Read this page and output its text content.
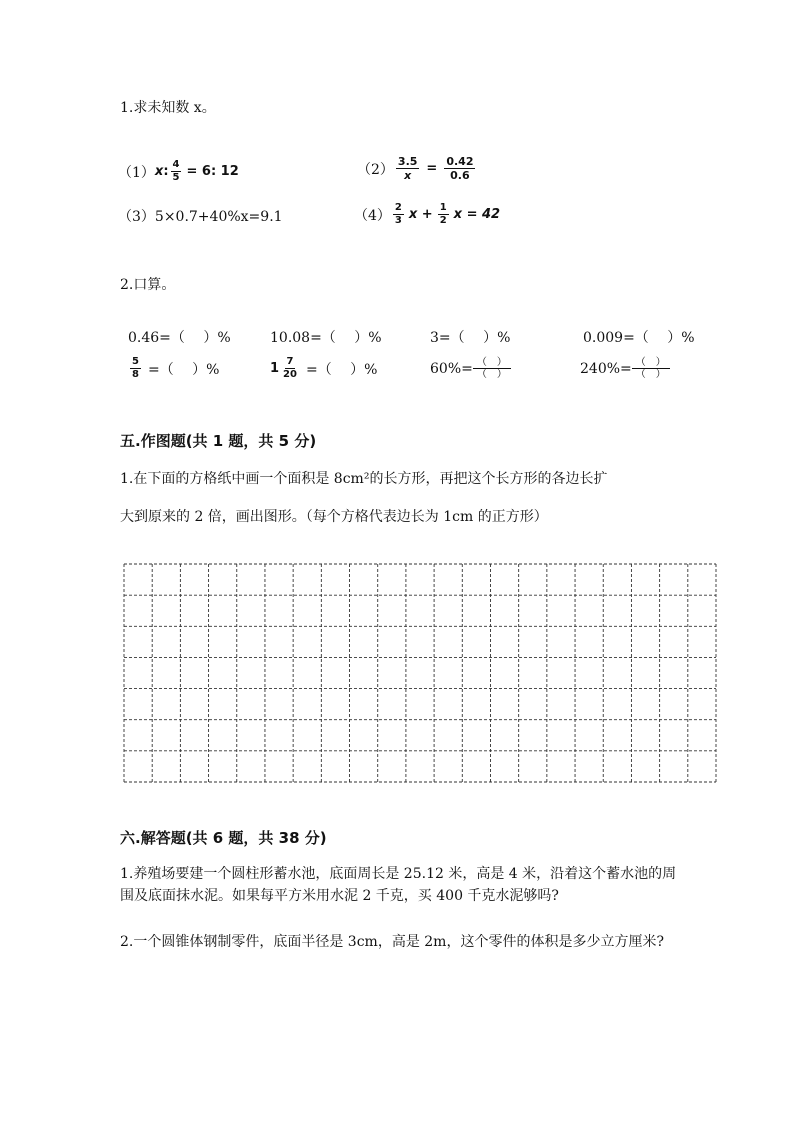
1.求未知数 x。
（1） x : $\frac{4}{5} = 6$: 12	$(2) \frac{3.5}{x} = \frac{0.42}{0.6}$
（3）5×0.7+40%x=9.1	$(4) \frac{2}{3}$ $x + \frac{1}{2}$ x = 42
2.口算。
0.46=（　 ）%	10.08=（　 ）%	3=（　 ）%	0.009=（　 ）%
$\frac{5}{8}$ =（　 ）%	$1 \frac{7}{20}$ =（　 ）%	$60\%= \frac{( )}{( )}$	$240\%= \frac{( )}{( )}$
五.作图题(共 1 题，共 5 分)
1.在下面的方格纸中画一个面积是 8cm²的长方形，再把这个长方形的各边长扩
大到原来的 2 倍，画出图形。（每个方格代表边长为 1cm 的正方形）
六.解答题(共 6 题，共 38 分)
1.养殖场要建一个圆柱形蓄水池，底面周长是 25.12 米，高是 4 米，沿着这个蓄水池的周围及底面抹水泥。如果每平方米用水泥 2 千克，买 400 千克水泥够吗?
2.一个圆锥体钢制零件，底面半径是 3cm，高是 2m，这个零件的体积是多少立方厘米?
